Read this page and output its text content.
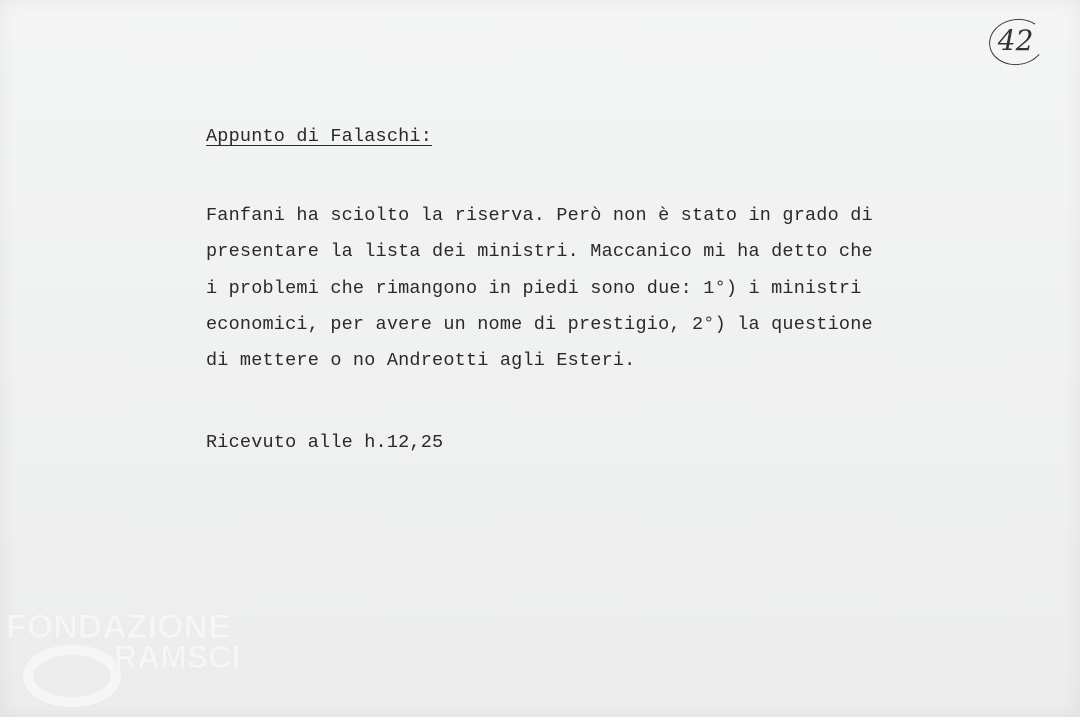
42
Appunto di Falaschi:
Fanfani ha sciolto la riserva. Però non è stato in grado di
presentare la lista dei ministri. Maccanico mi ha detto che
i problemi che rimangono in piedi sono due: 1°) i ministri
economici, per avere un nome di prestigio, 2°) la questione
di mettere o no Andreotti agli Esteri.
Ricevuto alle h.12,25
FONDAZIONE
RAMSCI
